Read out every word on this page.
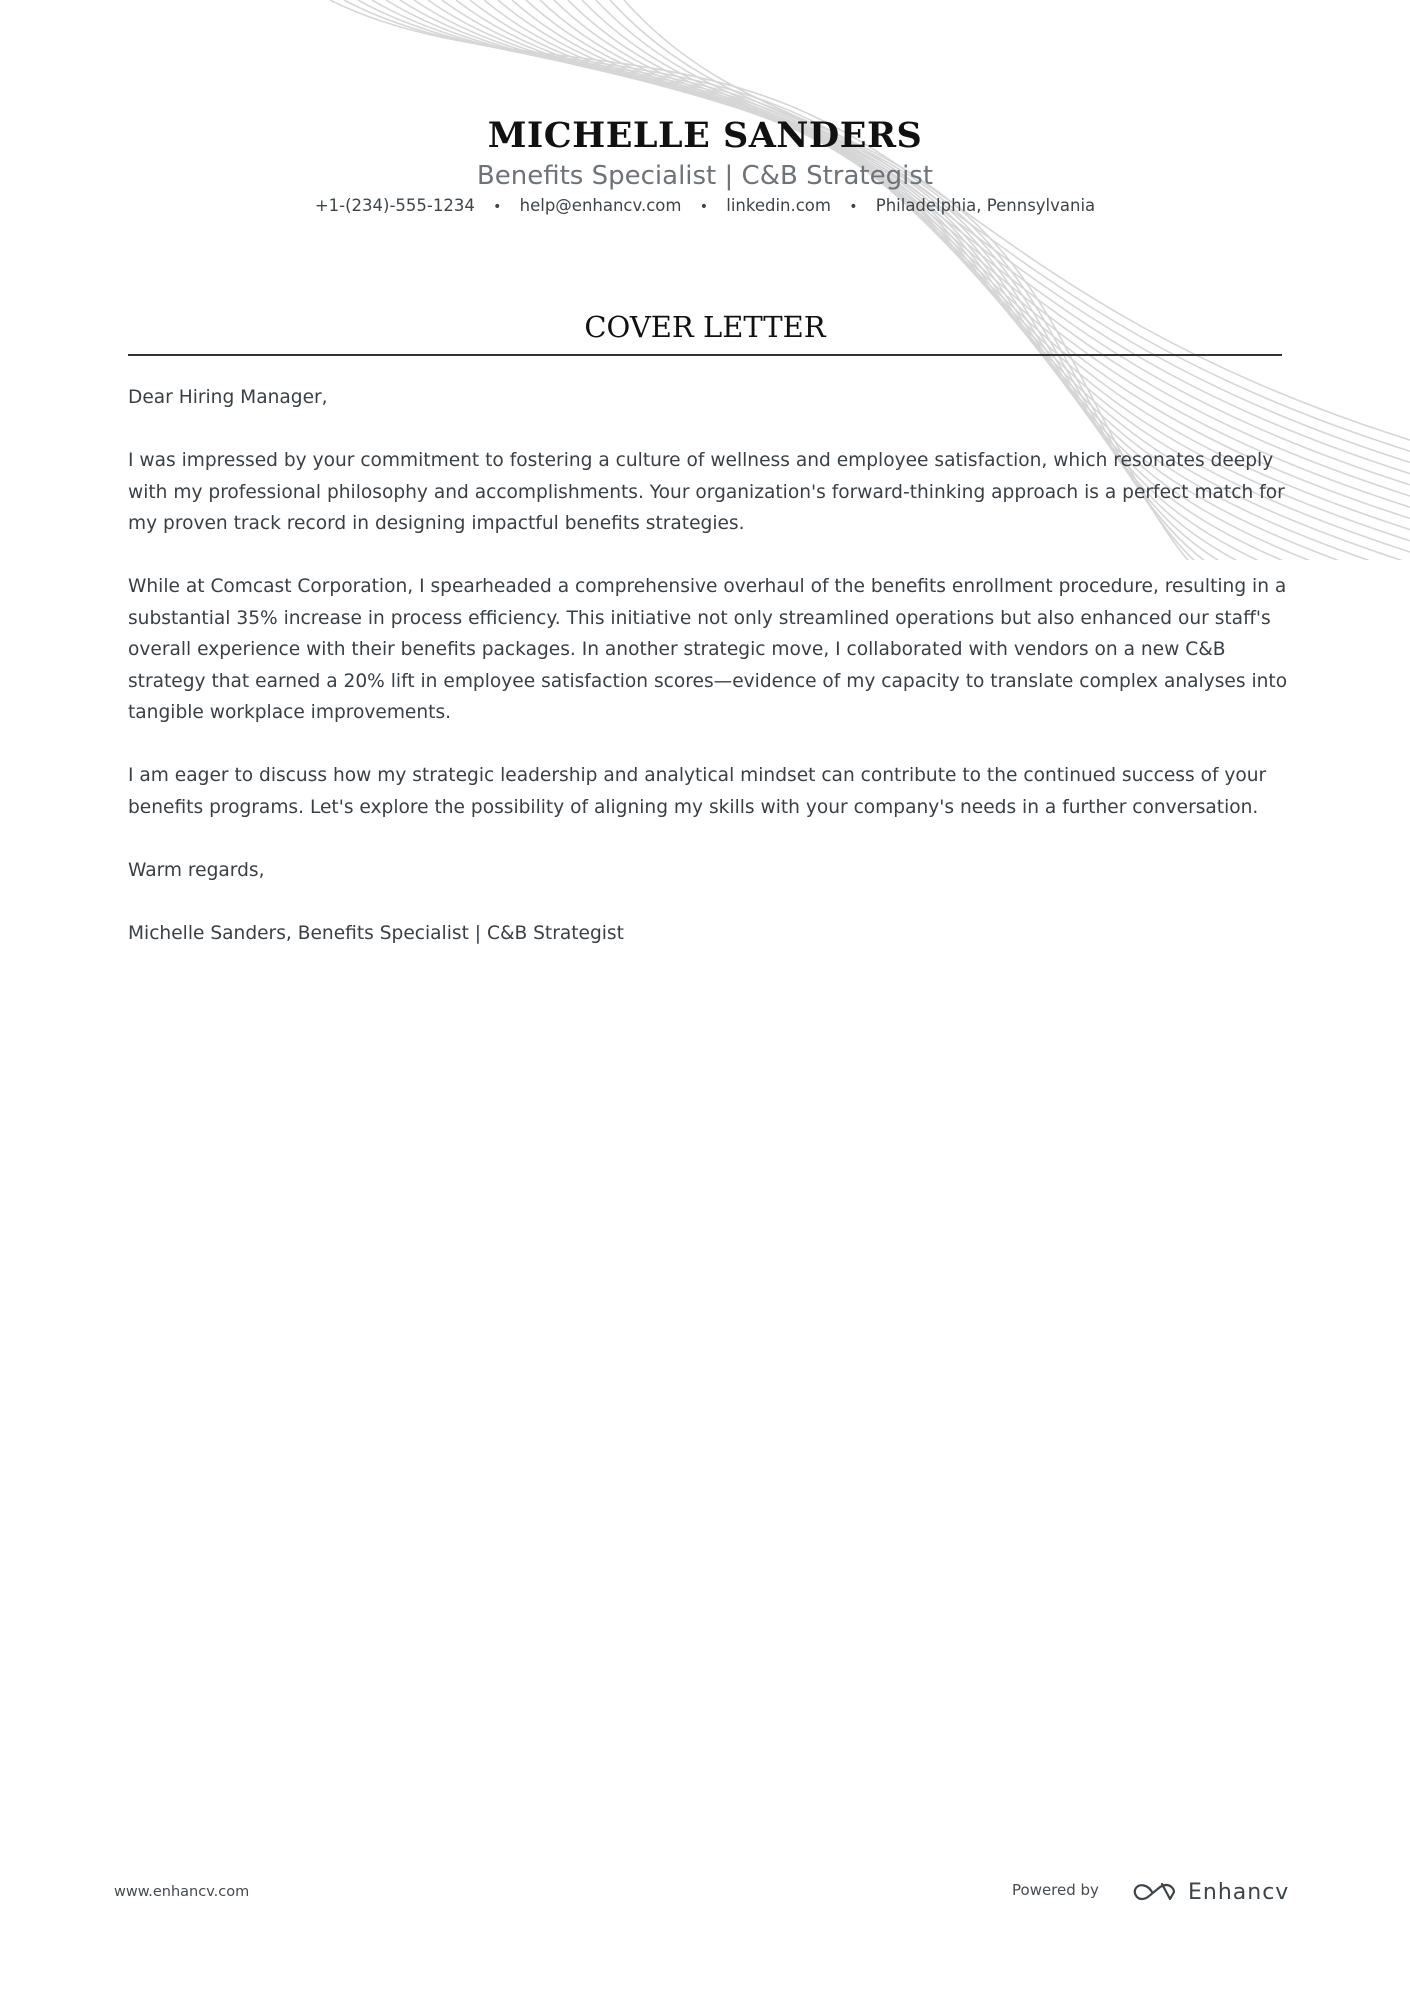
MICHELLE SANDERS
Benefits Specialist | C&B Strategist
+1-(234)-555-1234 • help@enhancv.com • linkedin.com • Philadelphia, Pennsylvania
COVER LETTER

Dear Hiring Manager,

I was impressed by your commitment to fostering a culture of wellness and employee satisfaction, which resonates deeply with my professional philosophy and accomplishments. Your organization's forward-thinking approach is a perfect match for my proven track record in designing impactful benefits strategies.

While at Comcast Corporation, I spearheaded a comprehensive overhaul of the benefits enrollment procedure, resulting in a substantial 35% increase in process efficiency. This initiative not only streamlined operations but also enhanced our staff's overall experience with their benefits packages. In another strategic move, I collaborated with vendors on a new C&B strategy that earned a 20% lift in employee satisfaction scores—evidence of my capacity to translate complex analyses into tangible workplace improvements.

I am eager to discuss how my strategic leadership and analytical mindset can contribute to the continued success of your benefits programs. Let's explore the possibility of aligning my skills with your company's needs in a further conversation.

Warm regards,

Michelle Sanders, Benefits Specialist | C&B Strategist

www.enhancv.com	Powered by	Enhancv
